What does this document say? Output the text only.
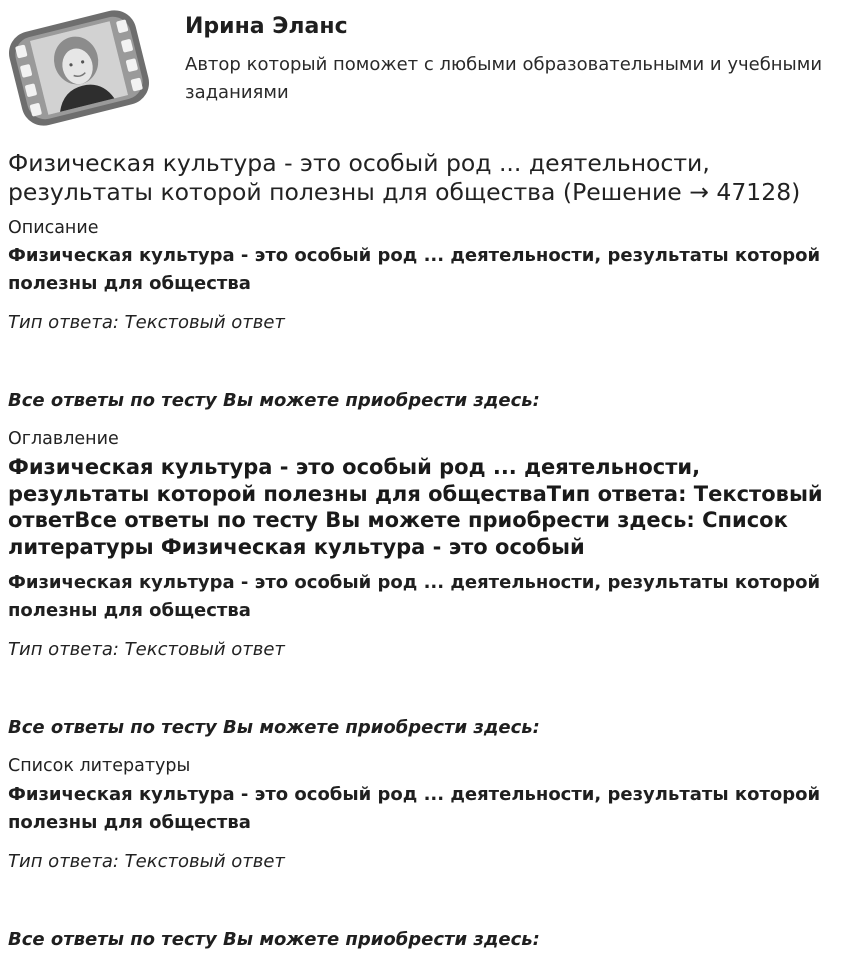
Ирина Эланс
Автор который поможет с любыми образовательными и учебными заданиями
Физическая культура - это особый род ... деятельности, результаты которой полезны для общества (Решение → 47128)

Описание

Физическая культура - это особый род ... деятельности, результаты которой полезны для общества

Тип ответа: Текстовый ответ

Все ответы по тесту Вы можете приобрести здесь:

Оглавление

Физическая культура - это особый род ... деятельности, результаты которой полезны для обществаТип ответа: Текстовый ответВсе ответы по тесту Вы можете приобрести здесь: Список литературы Физическая культура - это особый

Физическая культура - это особый род ... деятельности, результаты которой полезны для общества

Тип ответа: Текстовый ответ

Все ответы по тесту Вы можете приобрести здесь:

Список литературы

Физическая культура - это особый род ... деятельности, результаты которой полезны для общества

Тип ответа: Текстовый ответ

Все ответы по тесту Вы можете приобрести здесь:
